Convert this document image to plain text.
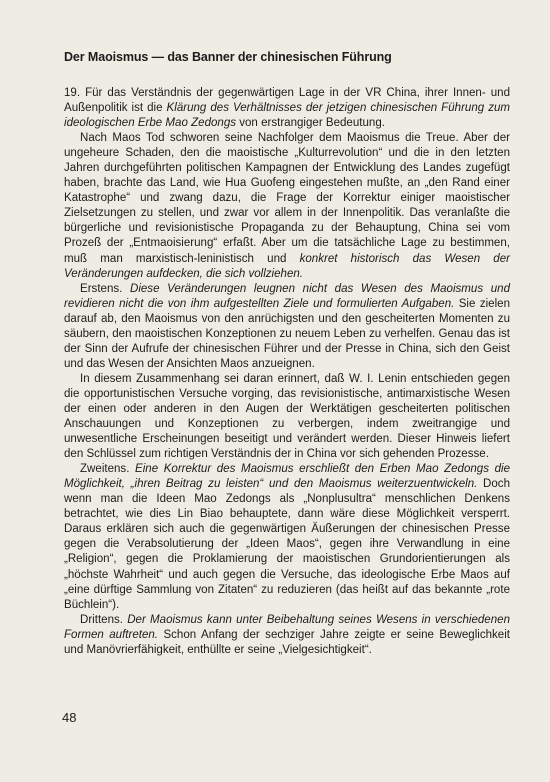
Der Maoismus — das Banner der chinesischen Führung

19. Für das Verständnis der gegenwärtigen Lage in der VR China, ihrer Innen- und Außenpolitik ist die Klärung des Verhältnisses der jetzigen chinesischen Führung zum ideologischen Erbe Mao Zedongs von erstrangiger Bedeutung.

Nach Maos Tod schworen seine Nachfolger dem Maoismus die Treue. Aber der ungeheure Schaden, den die maoistische „Kulturrevolution“ und die in den letzten Jahren durchgeführten politischen Kampagnen der Entwicklung des Landes zugefügt haben, brachte das Land, wie Hua Guofeng eingestehen mußte, an „den Rand einer Katastrophe“ und zwang dazu, die Frage der Korrektur einiger maoistischer Zielsetzungen zu stellen, und zwar vor allem in der Innenpolitik. Das veranlaßte die bürgerliche und revisionistische Propaganda zu der Behauptung, China sei vom Prozeß der „Entmaoisierung“ erfaßt. Aber um die tatsächliche Lage zu bestimmen, muß man marxistisch-leninistisch und konkret historisch das Wesen der Veränderungen aufdecken, die sich vollziehen.

Erstens. Diese Veränderungen leugnen nicht das Wesen des Maoismus und revidieren nicht die von ihm aufgestellten Ziele und formulierten Aufgaben. Sie zielen darauf ab, den Maoismus von den anrüchigsten und den gescheiterten Momenten zu säubern, den maoistischen Konzeptionen zu neuem Leben zu verhelfen. Genau das ist der Sinn der Aufrufe der chinesischen Führer und der Presse in China, sich den Geist und das Wesen der Ansichten Maos anzueignen.

In diesem Zusammenhang sei daran erinnert, daß W. I. Lenin entschieden gegen die opportunistischen Versuche vorging, das revisionistische, antimarxistische Wesen der einen oder anderen in den Augen der Werktätigen gescheiterten politischen Anschauungen und Konzeptionen zu verbergen, indem zweitrangige und unwesentliche Erscheinungen beseitigt und verändert werden. Dieser Hinweis liefert den Schlüssel zum richtigen Verständnis der in China vor sich gehenden Prozesse.

Zweitens. Eine Korrektur des Maoismus erschließt den Erben Mao Zedongs die Möglichkeit, „ihren Beitrag zu leisten“ und den Maoismus weiterzuentwickeln. Doch wenn man die Ideen Mao Zedongs als „Nonplusultra“ menschlichen Denkens betrachtet, wie dies Lin Biao behauptete, dann wäre diese Möglichkeit versperrt. Daraus erklären sich auch die gegenwärtigen Äußerungen der chinesischen Presse gegen die Verabsolutierung der „Ideen Maos“, gegen ihre Verwandlung in eine „Religion“, gegen die Proklamierung der maoistischen Grundorientierungen als „höchste Wahrheit“ und auch gegen die Versuche, das ideologische Erbe Maos auf „eine dürftige Sammlung von Zitaten“ zu reduzieren (das heißt auf das bekannte „rote Büchlein“).

Drittens. Der Maoismus kann unter Beibehaltung seines Wesens in verschiedenen Formen auftreten. Schon Anfang der sechziger Jahre zeigte er seine Beweglichkeit und Manövrierfähigkeit, enthüllte er seine „Vielgesichtigkeit“.

48
